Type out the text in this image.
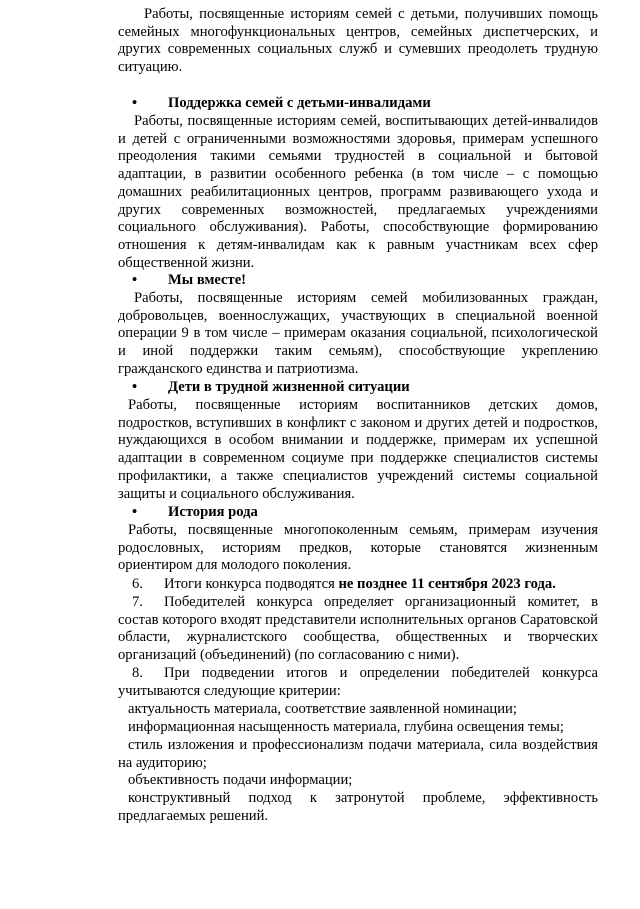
Работы, посвященные историям семей с детьми, получивших помощь семейных многофункциональных центров, семейных диспетчерских, и других современных социальных служб и сумевших преодолеть трудную ситуацию.

• Поддержка семей с детьми-инвалидами

Работы, посвященные историям семей, воспитывающих детей-инвалидов и детей с ограниченными возможностями здоровья, примерам успешного преодоления такими семьями трудностей в социальной и бытовой адаптации, в развитии особенного ребенка (в том числе – с помощью домашних реабилитационных центров, программ развивающего ухода и других современных возможностей, предлагаемых учреждениями социального обслуживания). Работы, способствующие формированию отношения к детям-инвалидам как к равным участникам всех сфер общественной жизни.

• Мы вместе!

Работы, посвященные историям семей мобилизованных граждан, добровольцев, военнослужащих, участвующих в специальной военной операции 9 в том числе – примерам оказания социальной, психологической и иной поддержки таким семьям), способствующие укреплению гражданского единства и патриотизма.

• Дети в трудной жизненной ситуации

Работы, посвященные историям воспитанников детских домов, подростков, вступивших в конфликт с законом и других детей и подростков, нуждающихся в особом внимании и поддержке, примерам их успешной адаптации в современном социуме при поддержке специалистов системы профилактики, а также специалистов учреждений системы социальной защиты и социального обслуживания.

• История рода

Работы, посвященные многопоколенным семьям, примерам изучения родословных, историям предков, которые становятся жизненным ориентиром для молодого поколения.

6. Итоги конкурса подводятся не позднее 11 сентября 2023 года.

7. Победителей конкурса определяет организационный комитет, в состав которого входят представители исполнительных органов Саратовской области, журналистского сообщества, общественных и творческих организаций (объединений) (по согласованию с ними).

8. При подведении итогов и определении победителей конкурса учитываются следующие критерии:

актуальность материала, соответствие заявленной номинации;

информационная насыщенность материала, глубина освещения темы;

стиль изложения и профессионализм подачи материала, сила воздействия на аудиторию;

объективность подачи информации;

конструктивный подход к затронутой проблеме, эффективность предлагаемых решений.
